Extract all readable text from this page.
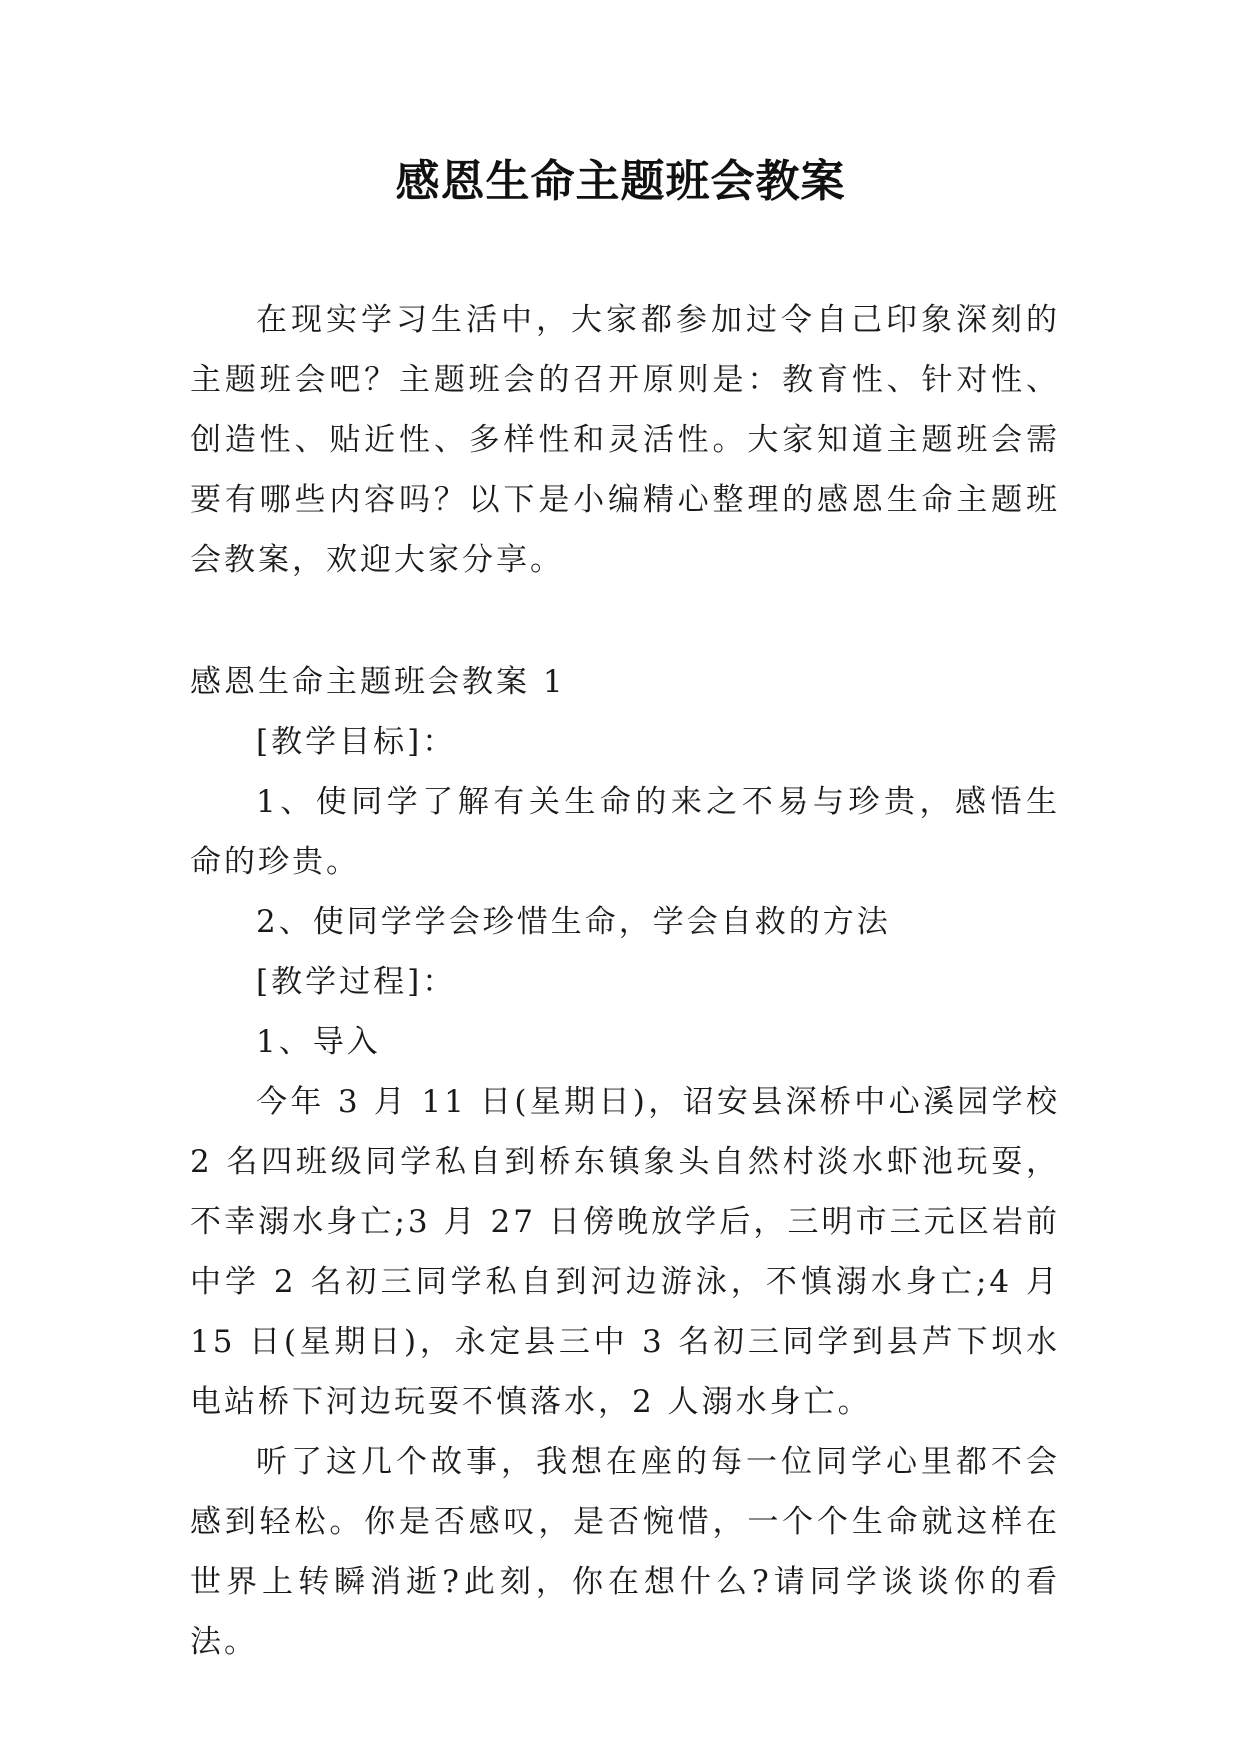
感恩生命主题班会教案

在现实学习生活中，大家都参加过令自己印象深刻的主题班会吧？主题班会的召开原则是：教育性、针对性、创造性、贴近性、多样性和灵活性。大家知道主题班会需要有哪些内容吗？以下是小编精心整理的感恩生命主题班会教案，欢迎大家分享。

感恩生命主题班会教案 1

[教学目标]：

1、使同学了解有关生命的来之不易与珍贵，感悟生命的珍贵。

2、使同学学会珍惜生命，学会自救的方法

[教学过程]：

1、导入

今年 3 月 11 日(星期日)，诏安县深桥中心溪园学校 2 名四班级同学私自到桥东镇象头自然村淡水虾池玩耍，不幸溺水身亡;3 月 27 日傍晚放学后，三明市三元区岩前中学 2 名初三同学私自到河边游泳，不慎溺水身亡;4 月 15 日(星期日)，永定县三中 3 名初三同学到县芦下坝水电站桥下河边玩耍不慎落水，2 人溺水身亡。

听了这几个故事，我想在座的每一位同学心里都不会感到轻松。你是否感叹，是否惋惜，一个个生命就这样在世界上转瞬消逝?此刻，你在想什么?请同学谈谈你的看法。
